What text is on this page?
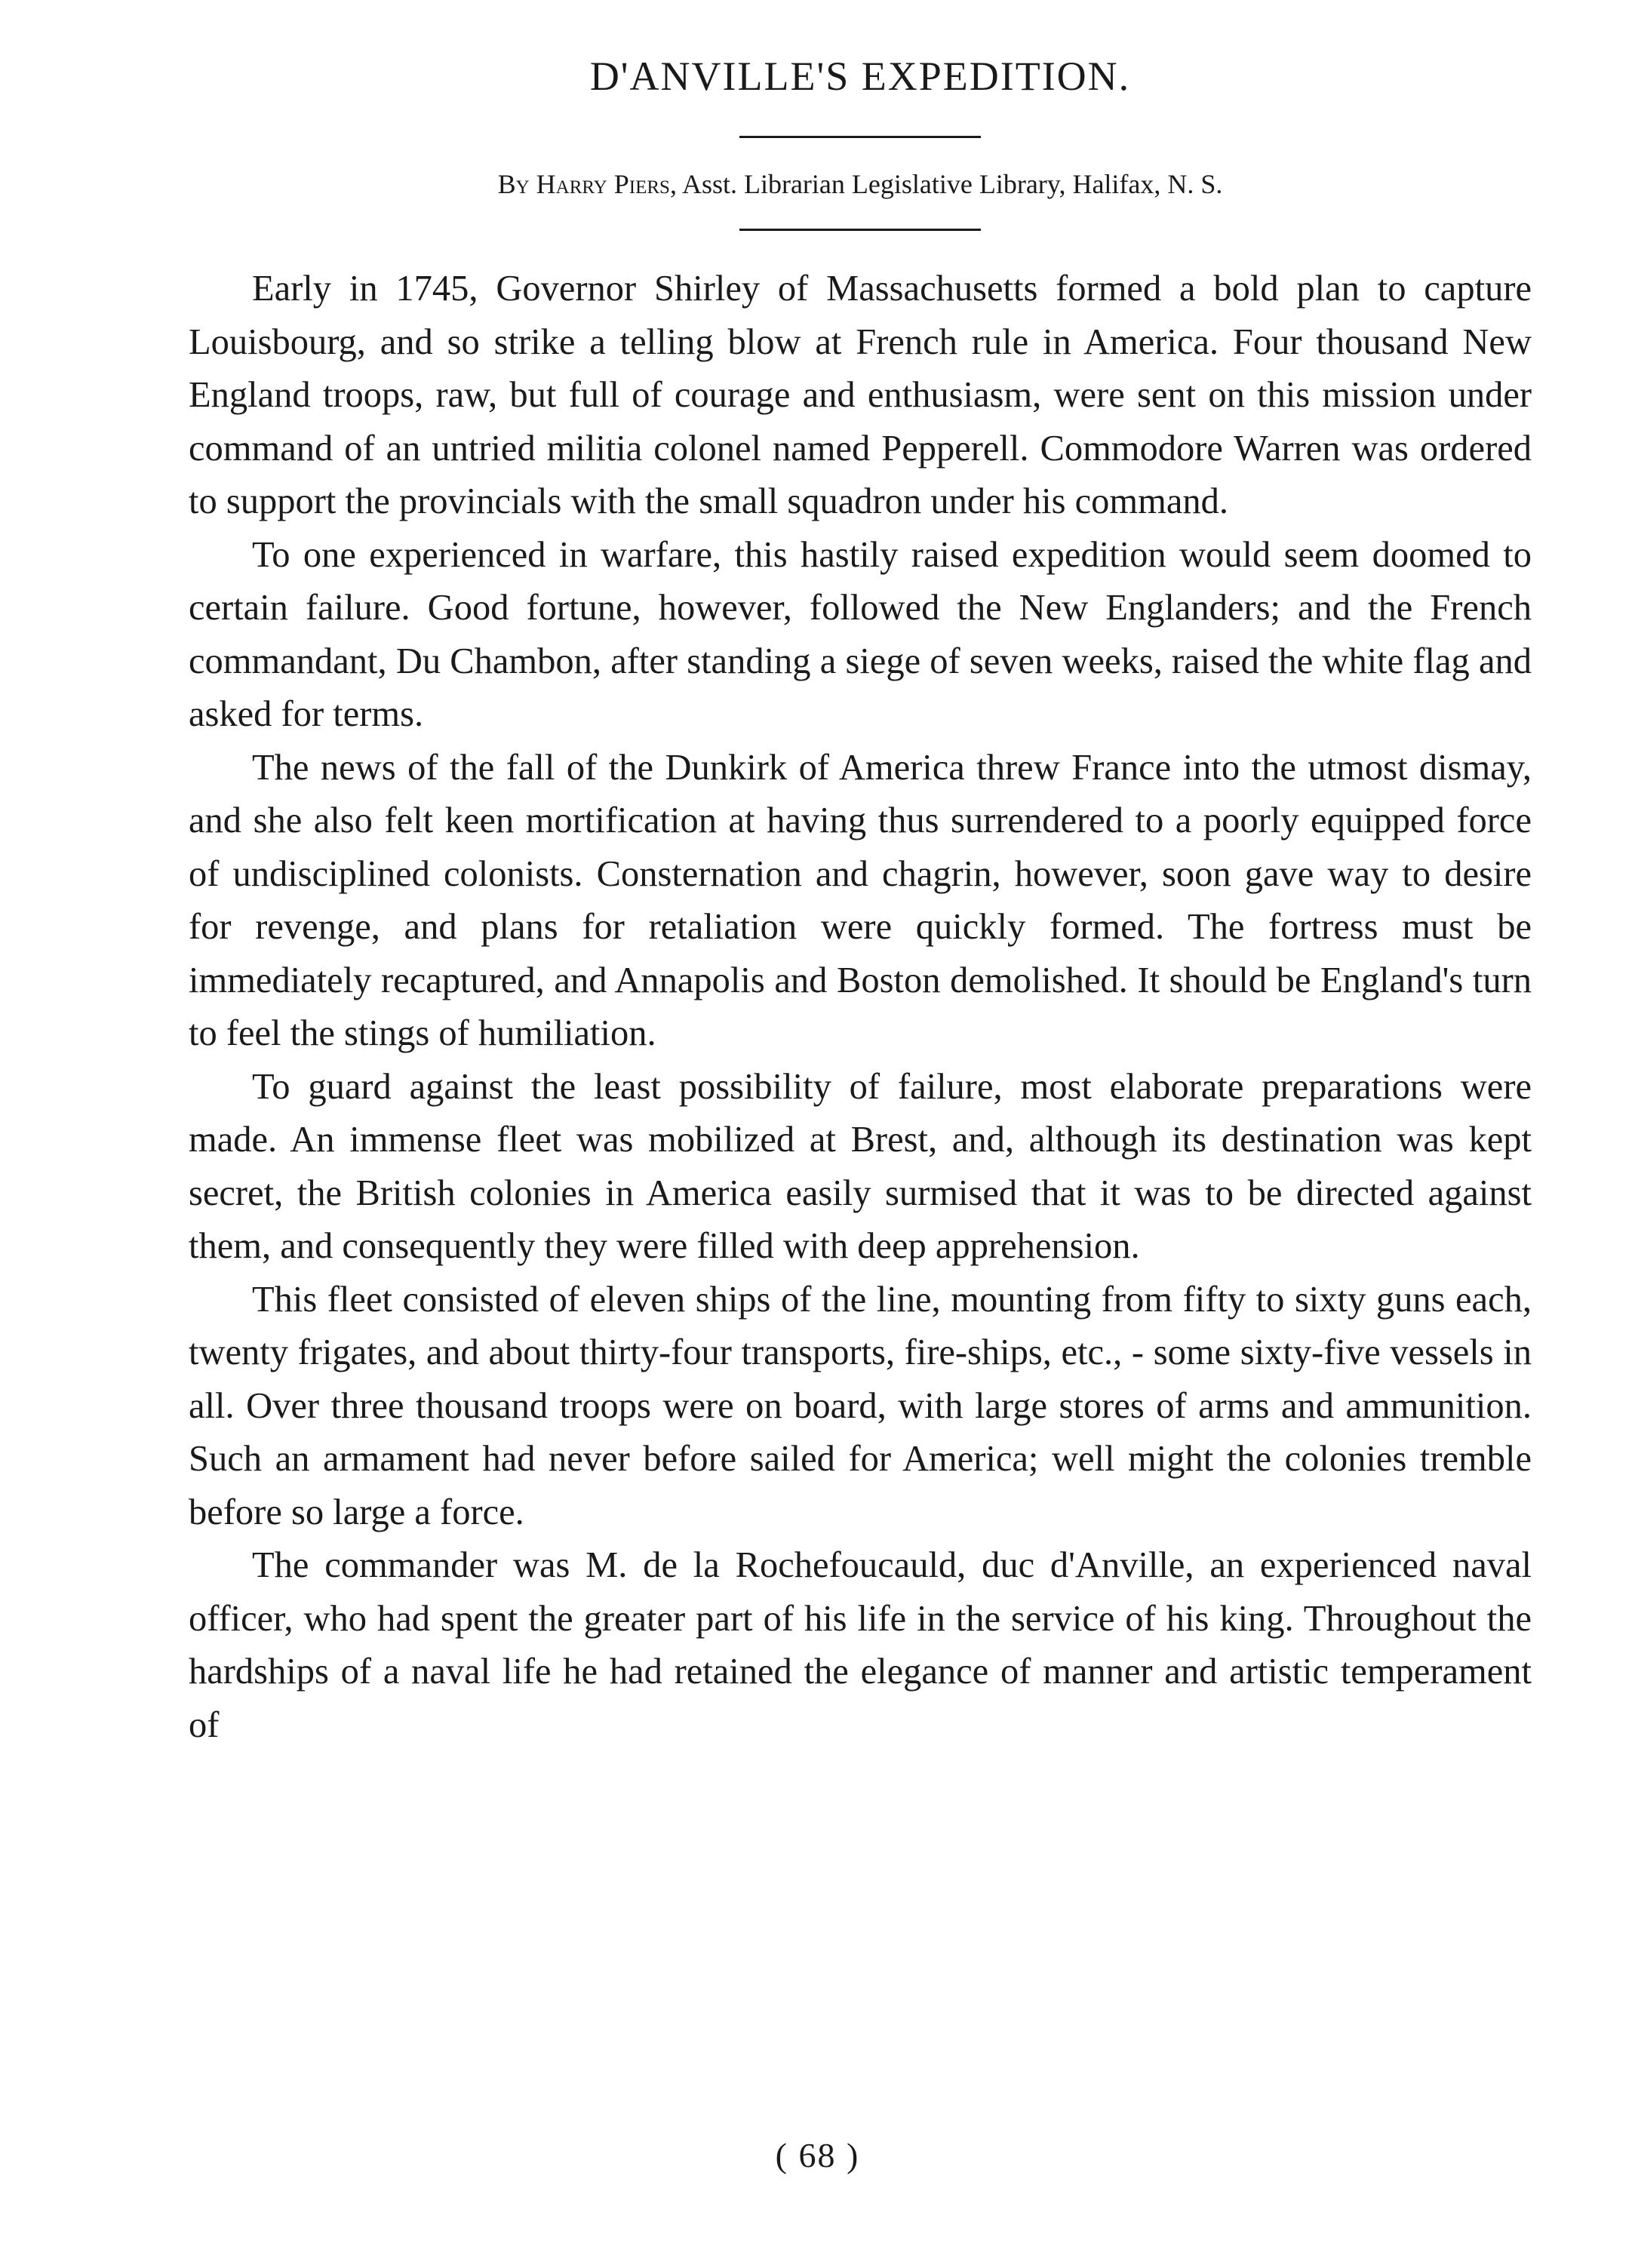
D'ANVILLE'S EXPEDITION.
By Harry Piers, Asst. Librarian Legislative Library, Halifax, N. S.

Early in 1745, Governor Shirley of Massachusetts formed a bold plan to capture Louisbourg, and so strike a telling blow at French rule in America. Four thousand New England troops, raw, but full of courage and enthusiasm, were sent on this mission under command of an untried militia colonel named Pepperell. Commodore Warren was ordered to support the provincials with the small squadron under his command.

To one experienced in warfare, this hastily raised expedition would seem doomed to certain failure. Good fortune, however, followed the New Englanders; and the French commandant, Du Chambon, after standing a siege of seven weeks, raised the white flag and asked for terms.

The news of the fall of the Dunkirk of America threw France into the utmost dismay, and she also felt keen mortification at having thus surrendered to a poorly equipped force of undisciplined colonists. Consternation and chagrin, however, soon gave way to desire for revenge, and plans for retaliation were quickly formed. The fortress must be immediately recaptured, and Annapolis and Boston demolished. It should be England's turn to feel the stings of humiliation.

To guard against the least possibility of failure, most elaborate preparations were made. An immense fleet was mobilized at Brest, and, although its destination was kept secret, the British colonies in America easily surmised that it was to be directed against them, and consequently they were filled with deep apprehension.

This fleet consisted of eleven ships of the line, mounting from fifty to sixty guns each, twenty frigates, and about thirty-four transports, fire-ships, etc., - some sixty-five vessels in all. Over three thousand troops were on board, with large stores of arms and ammunition. Such an armament had never before sailed for America; well might the colonies tremble before so large a force.

The commander was M. de la Rochefoucauld, duc d'Anville, an experienced naval officer, who had spent the greater part of his life in the service of his king. Throughout the hardships of a naval life he had retained the elegance of manner and artistic temperament of

( 68 )
